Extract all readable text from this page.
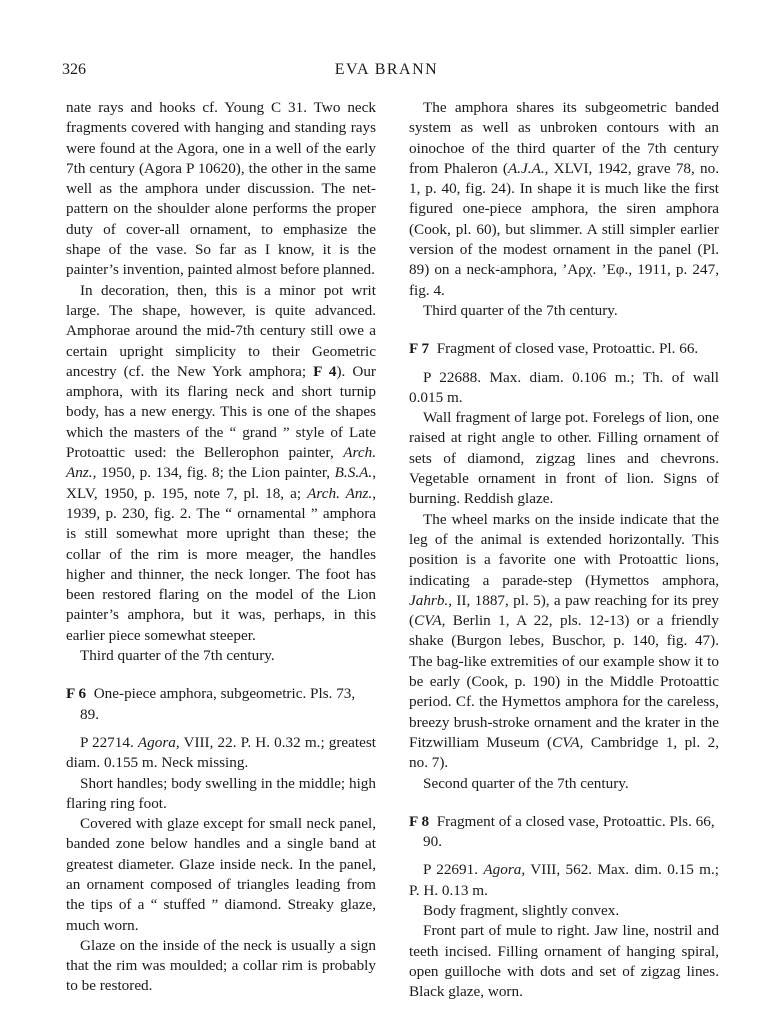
326	EVA BRANN

nate rays and hooks cf. Young C 31. Two neck fragments covered with hanging and standing rays were found at the Agora, one in a well of the early 7th century (Agora P 10620), the other in the same well as the amphora under discussion. The net-pattern on the shoulder alone performs the proper duty of cover-all ornament, to emphasize the shape of the vase. So far as I know, it is the painter’s invention, painted almost before planned.

In decoration, then, this is a minor pot writ large. The shape, however, is quite advanced. Amphorae around the mid-7th century still owe a certain upright simplicity to their Geometric ancestry (cf. the New York amphora; F 4). Our amphora, with its flaring neck and short turnip body, has a new energy. This is one of the shapes which the masters of the “ grand ” style of Late Protoattic used: the Bellerophon painter, Arch. Anz., 1950, p. 134, fig. 8; the Lion painter, B.S.A., XLV, 1950, p. 195, note 7, pl. 18, a; Arch. Anz., 1939, p. 230, fig. 2. The “ ornamental ” amphora is still somewhat more upright than these; the collar of the rim is more meager, the handles higher and thinner, the neck longer. The foot has been restored flaring on the model of the Lion painter’s amphora, but it was, perhaps, in this earlier piece somewhat steeper.

Third quarter of the 7th century.

F 6 One-piece amphora, subgeometric. Pls. 73, 89.

P 22714. Agora, VIII, 22. P. H. 0.32 m.; greatest diam. 0.155 m. Neck missing.

Short handles; body swelling in the middle; high flaring ring foot.

Covered with glaze except for small neck panel, banded zone below handles and a single band at greatest diameter. Glaze inside neck. In the panel, an ornament composed of triangles leading from the tips of a “ stuffed ” diamond. Streaky glaze, much worn.

Glaze on the inside of the neck is usually a sign that the rim was moulded; a collar rim is probably to be restored.

The amphora shares its subgeometric banded system as well as unbroken contours with an oinochoe of the third quarter of the 7th century from Phaleron (A.J.A., XLVI, 1942, grave 78, no. 1, p. 40, fig. 24). In shape it is much like the first figured one-piece amphora, the siren amphora (Cook, pl. 60), but slimmer. A still simpler earlier version of the modest ornament in the panel (Pl. 89) on a neck-amphora, ’Αρχ. ’Εφ., 1911, p. 247, fig. 4.

Third quarter of the 7th century.

F 7 Fragment of closed vase, Protoattic. Pl. 66.

P 22688. Max. diam. 0.106 m.; Th. of wall 0.015 m.

Wall fragment of large pot. Forelegs of lion, one raised at right angle to other. Filling ornament of sets of diamond, zigzag lines and chevrons. Vegetable ornament in front of lion. Signs of burning. Reddish glaze.

The wheel marks on the inside indicate that the leg of the animal is extended horizontally. This position is a favorite one with Protoattic lions, indicating a parade-step (Hymettos amphora, Jahrb., II, 1887, pl. 5), a paw reaching for its prey (CVA, Berlin 1, A 22, pls. 12-13) or a friendly shake (Burgon lebes, Buschor, p. 140, fig. 47). The bag-like extremities of our example show it to be early (Cook, p. 190) in the Middle Protoattic period. Cf. the Hymettos amphora for the careless, breezy brush-stroke ornament and the krater in the Fitzwilliam Museum (CVA, Cambridge 1, pl. 2, no. 7).

Second quarter of the 7th century.

F 8 Fragment of a closed vase, Protoattic. Pls. 66, 90.

P 22691. Agora, VIII, 562. Max. dim. 0.15 m.; P. H. 0.13 m.

Body fragment, slightly convex.

Front part of mule to right. Jaw line, nostril and teeth incised. Filling ornament of hanging spiral, open guilloche with dots and set of zigzag lines. Black glaze, worn.
